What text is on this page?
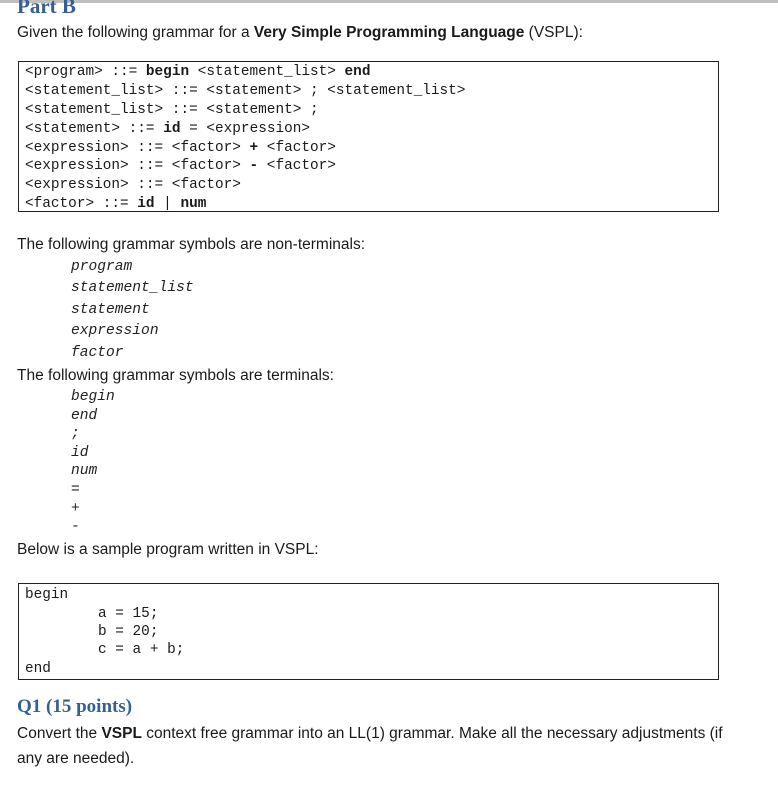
Part B
Given the following grammar for a Very Simple Programming Language (VSPL):
<program> ::= begin <statement_list> end
<statement_list> ::= <statement> ; <statement_list>
<statement_list> ::= <statement> ;
<statement> ::= id = <expression>
<expression> ::= <factor> + <factor>
<expression> ::= <factor> - <factor>
<expression> ::= <factor>
<factor> ::= id | num
The following grammar symbols are non-terminals:
program
statement_list
statement
expression
factor
The following grammar symbols are terminals:
begin
end
;
id
num
=
+
-
Below is a sample program written in VSPL:
begin
a = 15;
b = 20;
c = a + b;
end
Q1 (15 points)
Convert the VSPL context free grammar into an LL(1) grammar. Make all the necessary adjustments (if any are needed).
